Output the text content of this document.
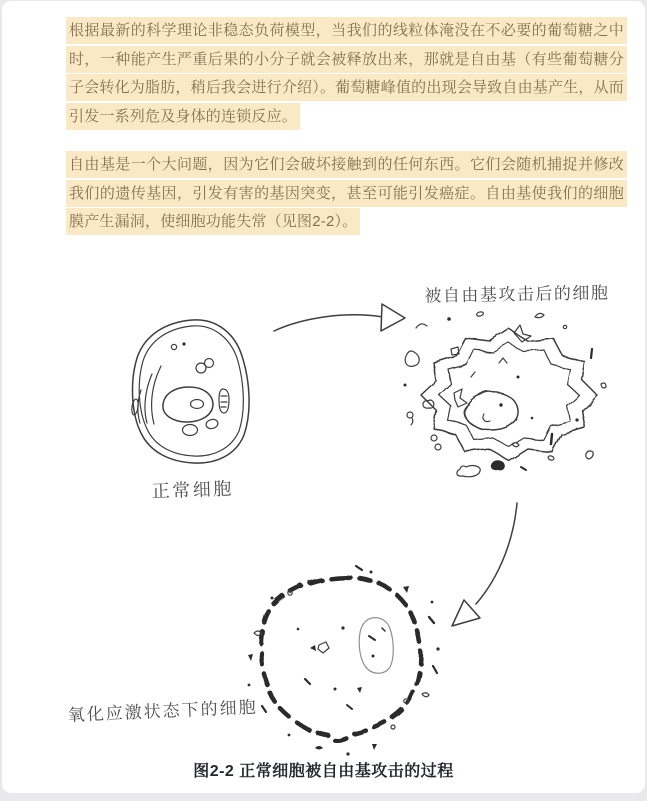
根据最新的科学理论非稳态负荷模型，当我们的线粒体淹没在不必要的葡萄糖之中时，一种能产生严重后果的小分子就会被释放出来，那就是自由基（有些葡萄糖分子会转化为脂肪，稍后我会进行介绍）。葡萄糖峰值的出现会导致自由基产生，从而引发一系列危及身体的连锁反应。

自由基是一个大问题，因为它们会破坏接触到的任何东西。它们会随机捕捉并修改我们的遗传基因，引发有害的基因突变，甚至可能引发癌症。自由基使我们的细胞膜产生漏洞，使细胞功能失常（见图2-2）。

正常细胞
被自由基攻击后的细胞
氧化应激状态下的细胞
图2-2 正常细胞被自由基攻击的过程
